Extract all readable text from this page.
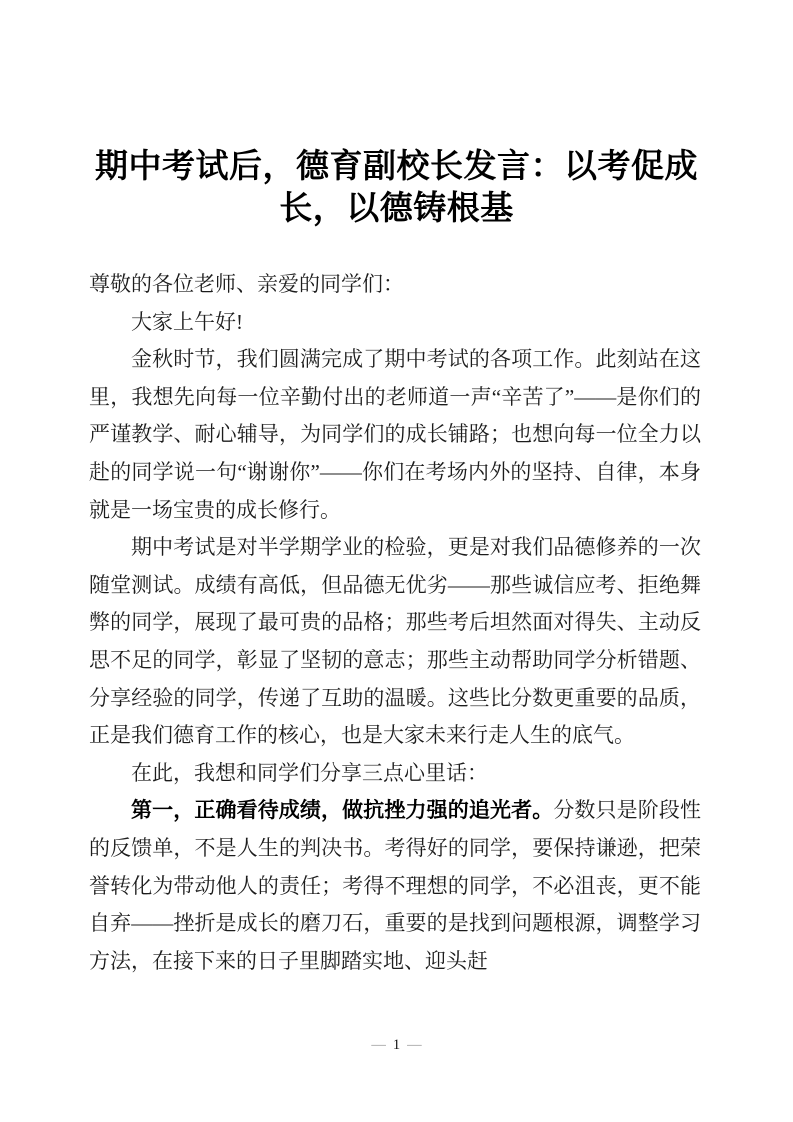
期中考试后，德育副校长发言：以考促成长，以德铸根基

尊敬的各位老师、亲爱的同学们：

大家上午好!

金秋时节，我们圆满完成了期中考试的各项工作。此刻站在这里，我想先向每一位辛勤付出的老师道一声“辛苦了”——是你们的严谨教学、耐心辅导，为同学们的成长铺路；也想向每一位全力以赴的同学说一句“谢谢你”——你们在考场内外的坚持、自律，本身就是一场宝贵的成长修行。

期中考试是对半学期学业的检验，更是对我们品德修养的一次随堂测试。成绩有高低，但品德无优劣——那些诚信应考、拒绝舞弊的同学，展现了最可贵的品格；那些考后坦然面对得失、主动反思不足的同学，彰显了坚韧的意志；那些主动帮助同学分析错题、分享经验的同学，传递了互助的温暖。这些比分数更重要的品质，正是我们德育工作的核心，也是大家未来行走人生的底气。

在此，我想和同学们分享三点心里话：

第一，正确看待成绩，做抗挫力强的追光者。分数只是阶段性的反馈单，不是人生的判决书。考得好的同学，要保持谦逊，把荣誉转化为带动他人的责任；考得不理想的同学，不必沮丧，更不能自弃——挫折是成长的磨刀石，重要的是找到问题根源，调整学习方法，在接下来的日子里脚踏实地、迎头赶

— 1 —
